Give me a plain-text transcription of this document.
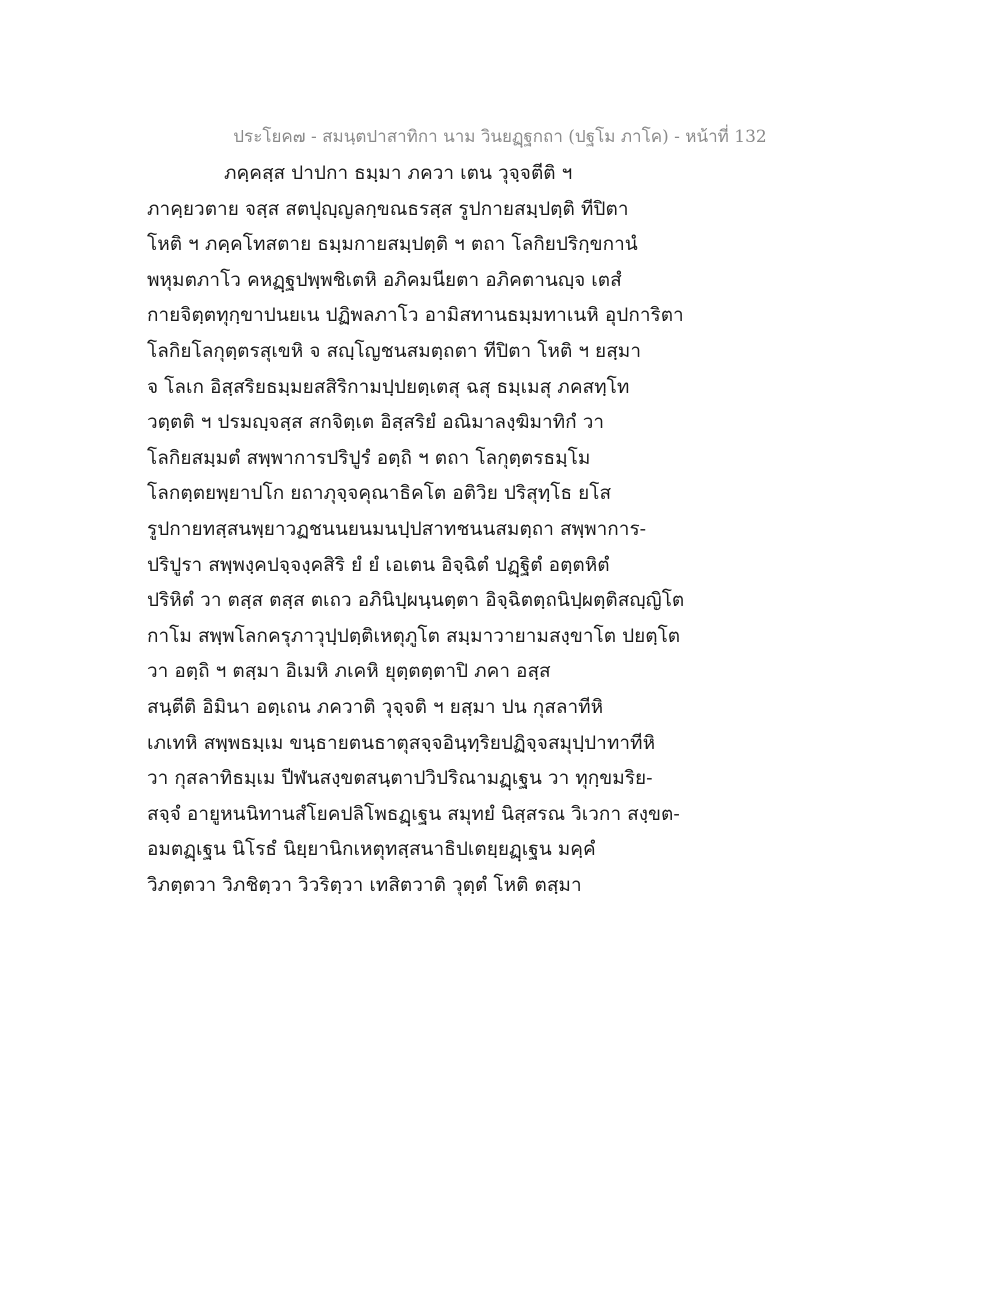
ประโยค๗ - สมนฺตปาสาทิกา นาม วินยฏฺฐกถา (ปฐโม ภาโค) - หน้าที่ 132
ภคฺคสฺส ปาปกา ธมฺมา ภควา เตน วุจฺจตีติ ฯ
ภาคฺยวตาย จสฺส สตปุญฺญลกฺขณธรสฺส รูปกายสมฺปตฺติ ทีปิตา
โหติ ฯ ภคฺคโทสตาย ธมฺมกายสมฺปตฺติ ฯ ตถา โลกิยปริกฺขกานํ
พหุมตภาโว คหฏฺฐปพฺพชิเตหิ อภิคมนียตา อภิคตานญฺจ เตสํ
กายจิตฺตทุกฺขาปนยเน ปฏิพลภาโว อามิสทานธมฺมทาเนหิ อุปการิตา
โลกิยโลกุตฺตรสุเขหิ จ สญฺโญชนสมตฺถตา ทีปิตา โหติ ฯ ยสฺมา
จ โลเก อิสฺสริยธมฺมยสสิริกามปฺปยตฺเตสุ ฉสุ ธมฺเมสุ ภคสทฺโท
วตฺตติ ฯ ปรมญฺจสฺส สกจิตฺเต อิสฺสริยํ อณิมาลงฺฆิมาทิกํ วา
โลกิยสมฺมตํ สพฺพาการปริปูรํ อตฺถิ ฯ ตถา โลกุตฺตรธมฺโม
โลกตฺตยพฺยาปโก ยถาภุจฺจคุณาธิคโต อติวิย ปริสุทฺโธ ยโส
รูปกายทสฺสนพฺยาวฏชนนยนมนปฺปสาทชนนสมตฺถา สพฺพาการ-
ปริปูรา สพฺพงฺคปจฺจงฺคสิริ ยํ ยํ เอเตน อิจฺฉิตํ ปฏฺฐิตํ อตฺตหิตํ
ปริหิตํ วา ตสฺส ตสฺส ตเถว อภินิปฺผนฺนตฺตา อิจฺฉิตตฺถนิปฺผตฺติสญฺญิโต
กาโม สพฺพโลกครุภาวุปฺปตฺติเหตุภูโต สมฺมาวายามสงฺขาโต ปยตฺโต
วา อตฺถิ ฯ ตสฺมา อิเมหิ ภเคหิ ยุตฺตตฺตาปิ ภคา อสฺส
สนฺตีติ อิมินา อตฺเถน ภควาติ วุจฺจติ ฯ ยสฺมา ปน กุสลาทีหิ
เภเทหิ สพฺพธมฺเม ขนฺธายตนธาตุสจฺจอินฺทฺริยปฏิจฺจสมุปฺปาทาทีหิ
วา กุสลาทิธมฺเม ปีฬนสงฺขตสนฺตาปวิปริณามฏฺเฐน วา ทุกฺขมริย-
สจฺจํ อายูหนนิทานสํโยคปลิโพธฏฺเฐน สมุทยํ นิสฺสรณ วิเวกา สงฺขต-
อมตฏฺเฐน นิโรธํ นิยฺยานิกเหตุทสฺสนาธิปเตยฺยฏฺเฐน มคฺคํ
วิภตฺตวา วิภชิตฺวา วิวริตฺวา เทสิตวาติ วุตฺตํ โหติ ตสฺมา
